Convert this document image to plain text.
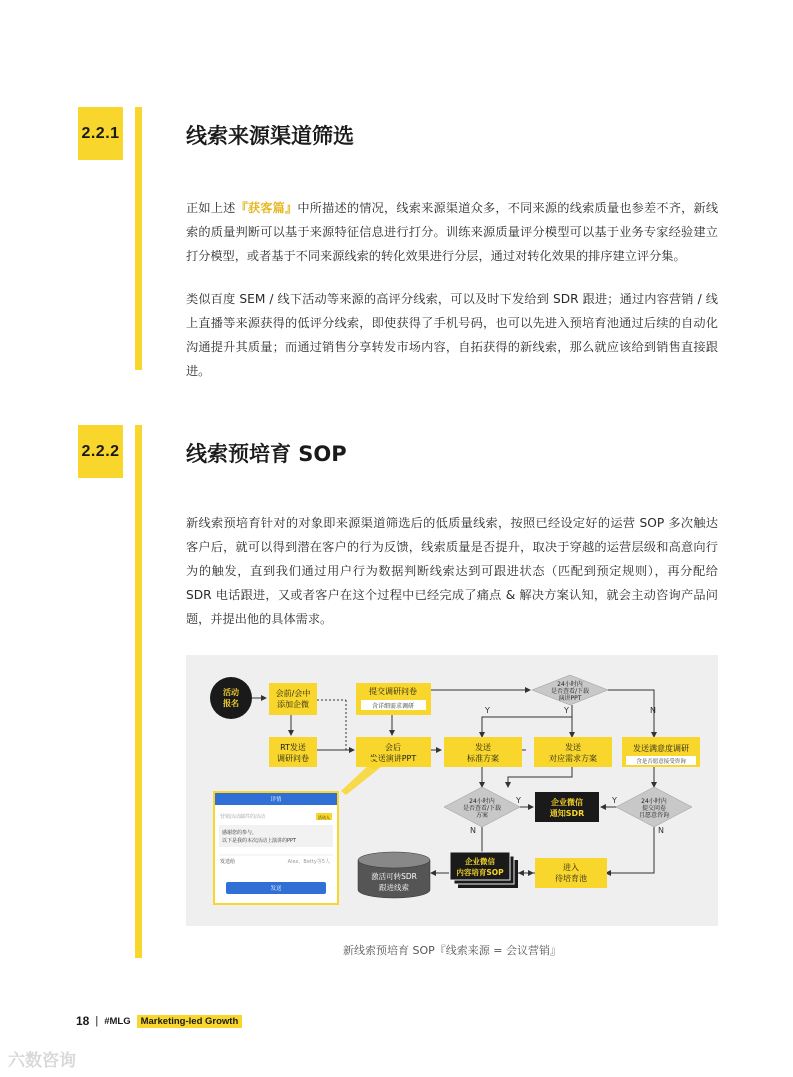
2.2.1	线索来源渠道筛选

正如上述『获客篇』中所描述的情况，线索来源渠道众多，不同来源的线索质量也参差不齐，新线索的质量判断可以基于来源特征信息进行打分。训练来源质量评分模型可以基于业务专家经验建立打分模型，或者基于不同来源线索的转化效果进行分层，通过对转化效果的排序建立评分集。

类似百度 SEM / 线下活动等来源的高评分线索，可以及时下发给到 SDR 跟进；通过内容营销 / 线上直播等来源获得的低评分线索，即使获得了手机号码，也可以先进入预培育池通过后续的自动化沟通提升其质量；而通过销售分享转发市场内容，自拓获得的新线索，那么就应该给到销售直接跟进。

2.2.2	线索预培育 SOP

新线索预培育针对的对象即来源渠道筛选后的低质量线索，按照已经设定好的运营 SOP 多次触达客户后，就可以得到潜在客户的行为反馈，线索质量是否提升，取决于穿越的运营层级和高意向行为的触发，直到我们通过用户行为数据判断线索达到可跟进状态（匹配到预定规则），再分配给 SDR 电话跟进，又或者客户在这个过程中已经完成了痛点 & 解决方案认知，就会主动咨询产品问题，并提出他的具体需求。

Y	Y	N
Y	Y
N	N
活动
报名
会前/会中
添加企微
RT发送
调研问卷
提交调研问卷
会后
发送演讲PPT
发送
标准方案
发送
对应需求方案
发送满意度调研
进入
待培育池
含详细需求调研
含是否愿意接受咨询
24小时内
是否查看/下载
演讲PPT
24小时内
是否查看/下载
方案
24小时内
提交问卷
且愿意咨询
企业微信
通知SDR
企业微信
内容培育SOP
激活可转SDR
跟进线索
详情
营销活动邮件的活动	活动人
感谢您的参与，
以下是我的本次活动上演讲的PPT
发送给	Alex、Betty等5人
发送
新线索预培育 SOP『线索来源 = 会议营销』
18 | #MLG	Marketing-led Growth
六数咨询
